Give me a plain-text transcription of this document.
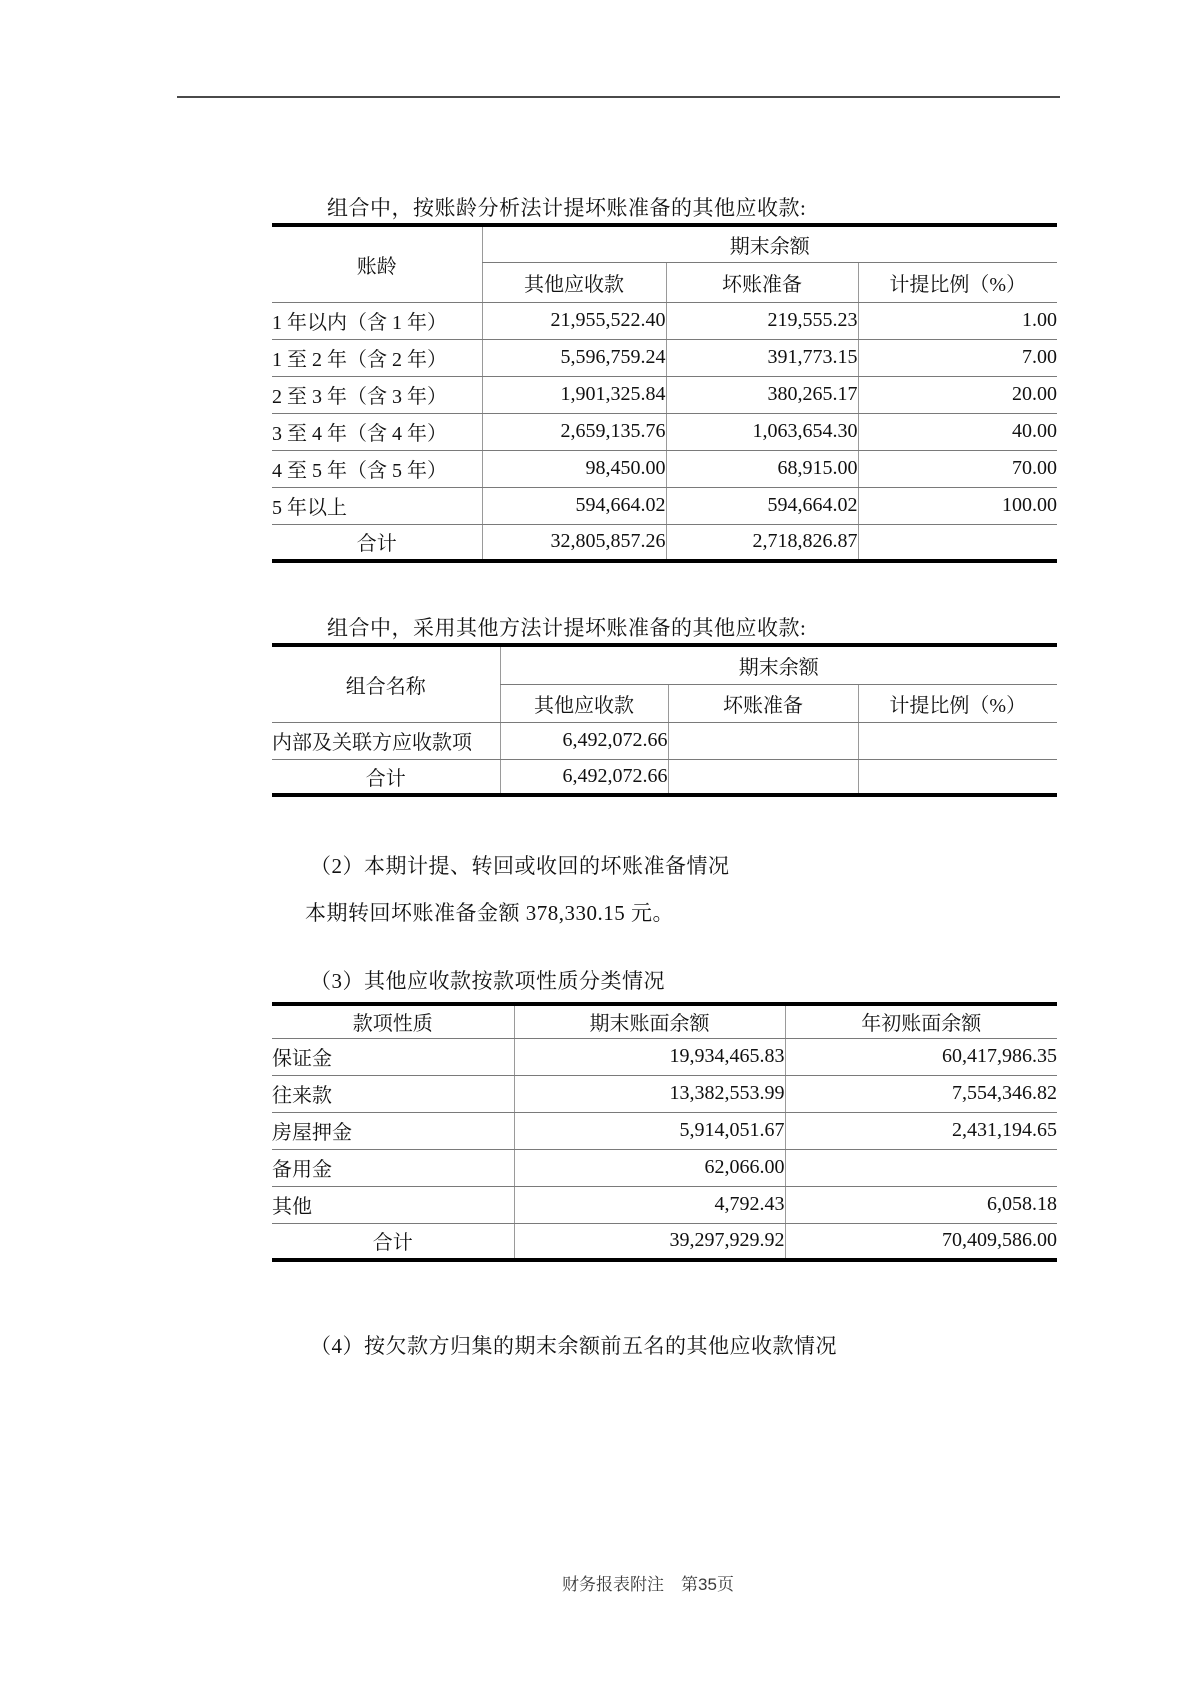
组合中，按账龄分析法计提坏账准备的其他应收款:
账龄	期末余额		
	其他应收款	坏账准备	计提比例（%）
1 年以内（含 1 年）	21,955,522.40	219,555.23	1.00
1 至 2 年（含 2 年）	5,596,759.24	391,773.15	7.00
2 至 3 年（含 3 年）	1,901,325.84	380,265.17	20.00
3 至 4 年（含 4 年）	2,659,135.76	1,063,654.30	40.00
4 至 5 年（含 5 年）	98,450.00	68,915.00	70.00
5 年以上	594,664.02	594,664.02	100.00
合计	32,805,857.26	2,718,826.87	
组合中，采用其他方法计提坏账准备的其他应收款:
组合名称	期末余额		
	其他应收款	坏账准备	计提比例（%）
内部及关联方应收款项	6,492,072.66		
合计	6,492,072.66		
（2）本期计提、转回或收回的坏账准备情况
本期转回坏账准备金额 378,330.15 元。
（3）其他应收款按款项性质分类情况
款项性质	期末账面余额	年初账面余额
保证金	19,934,465.83	60,417,986.35
往来款	13,382,553.99	7,554,346.82
房屋押金	5,914,051.67	2,431,194.65
备用金	62,066.00	
其他	4,792.43	6,058.18
合计	39,297,929.92	70,409,586.00
（4）按欠款方归集的期末余额前五名的其他应收款情况
财务报表附注　第35页
